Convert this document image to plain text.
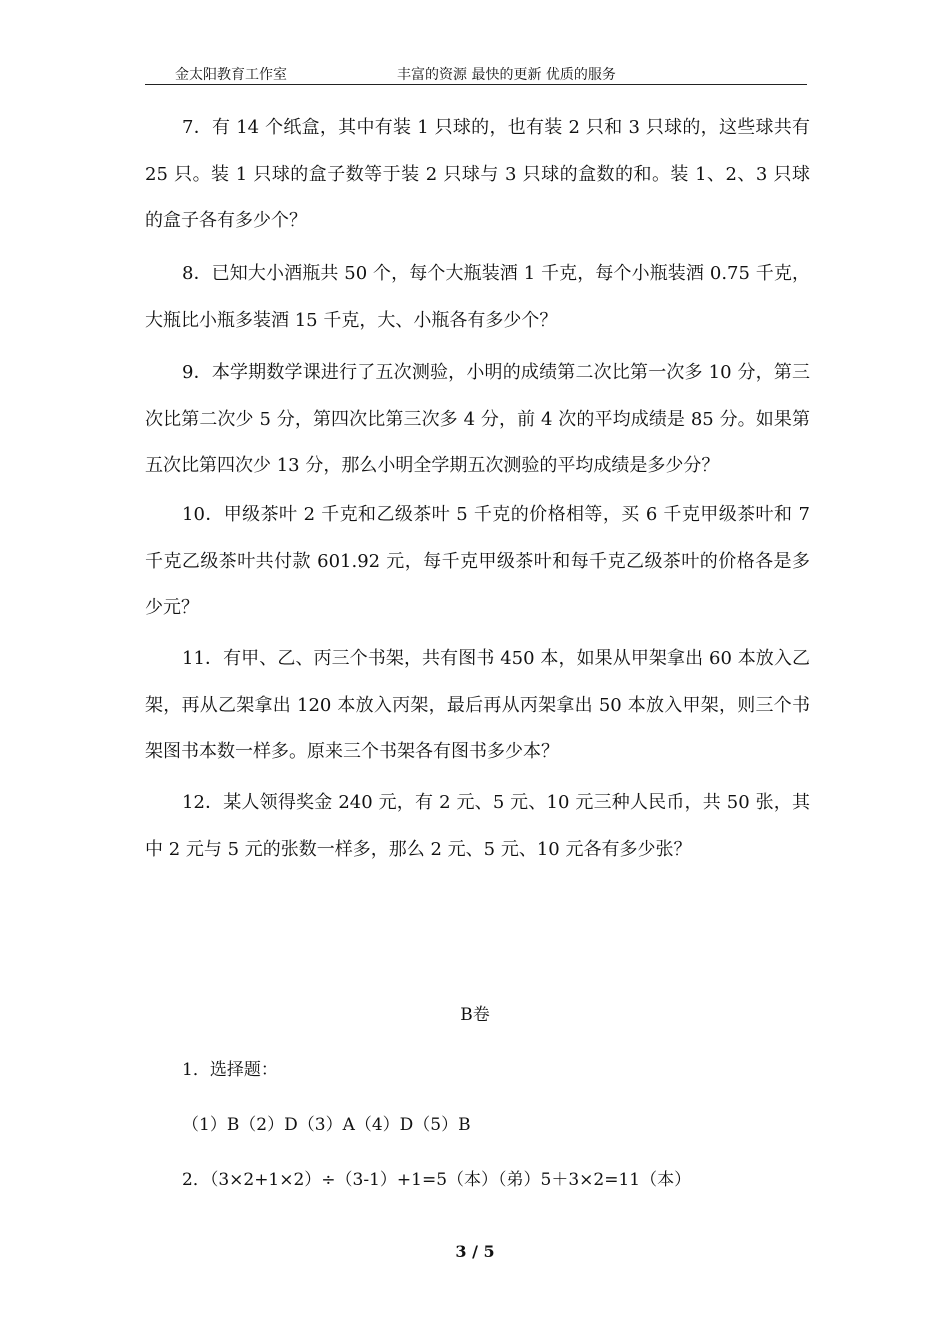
金太阳教育工作室	丰富的资源 最快的更新 优质的服务
7．有 14 个纸盒，其中有装 1 只球的，也有装 2 只和 3 只球的，这些球共有 25 只。装 1 只球的盒子数等于装 2 只球与 3 只球的盒数的和。装 1、2、3 只球的盒子各有多少个？
8．已知大小酒瓶共 50 个，每个大瓶装酒 1 千克，每个小瓶装酒 0.75 千克，大瓶比小瓶多装酒 15 千克，大、小瓶各有多少个？
9．本学期数学课进行了五次测验，小明的成绩第二次比第一次多 10 分，第三次比第二次少 5 分，第四次比第三次多 4 分，前 4 次的平均成绩是 85 分。如果第五次比第四次少 13 分，那么小明全学期五次测验的平均成绩是多少分？
10．甲级茶叶 2 千克和乙级茶叶 5 千克的价格相等，买 6 千克甲级茶叶和 7 千克乙级茶叶共付款 601.92 元，每千克甲级茶叶和每千克乙级茶叶的价格各是多少元？
11．有甲、乙、丙三个书架，共有图书 450 本，如果从甲架拿出 60 本放入乙架，再从乙架拿出 120 本放入丙架，最后再从丙架拿出 50 本放入甲架，则三个书架图书本数一样多。原来三个书架各有图书多少本？
12．某人领得奖金 240 元，有 2 元、5 元、10 元三种人民币，共 50 张，其中 2 元与 5 元的张数一样多，那么 2 元、5 元、10 元各有多少张？
B卷
1．选择题：
（1）B（2）D（3）A（4）D（5）B
2．（3×2+1×2）÷（3-1）+1=5（本）（弟）5＋3×2=11（本）
3 / 5
